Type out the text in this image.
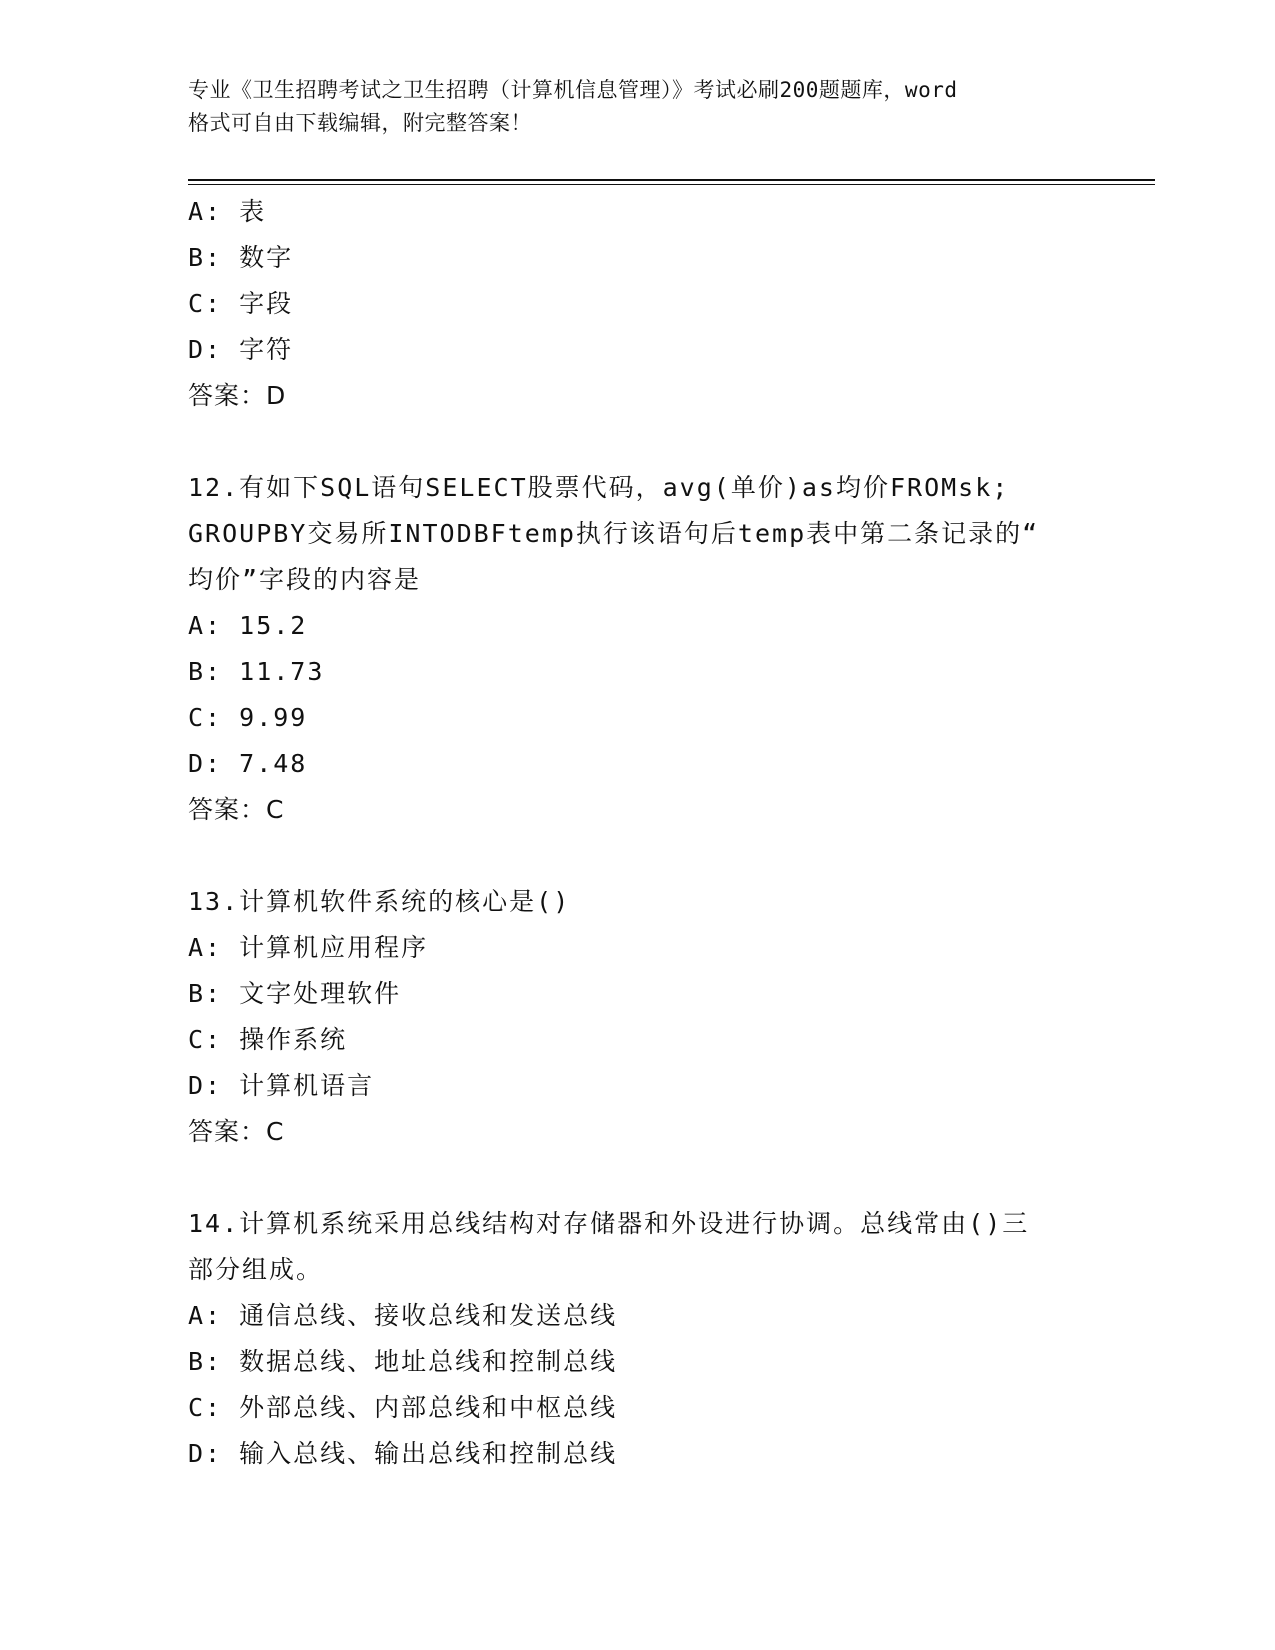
专业《卫生招聘考试之卫生招聘（计算机信息管理）》考试必刷200题题库，word
格式可自由下载编辑，附完整答案！
A: 表
B: 数字
C: 字段
D: 字符
答案：D
12.有如下SQL语句SELECT股票代码，avg(单价)as均价FROMsk;
GROUPBY交易所INTODBFtemp执行该语句后temp表中第二条记录的“
均价”字段的内容是
A: 15.2
B: 11.73
C: 9.99
D: 7.48
答案：C
13.计算机软件系统的核心是()
A: 计算机应用程序
B: 文字处理软件
C: 操作系统
D: 计算机语言
答案：C
14.计算机系统采用总线结构对存储器和外设进行协调。总线常由()三
部分组成。
A: 通信总线、接收总线和发送总线
B: 数据总线、地址总线和控制总线
C: 外部总线、内部总线和中枢总线
D: 输入总线、输出总线和控制总线
